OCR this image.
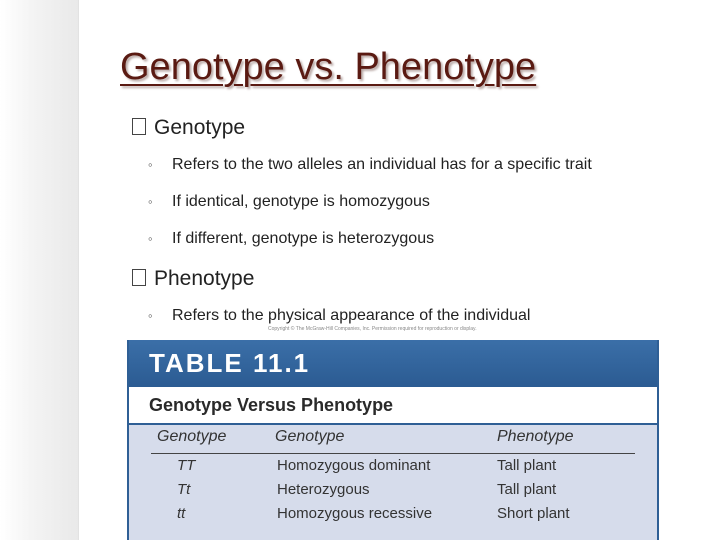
Genotype vs. Phenotype
Genotype
◦ Refers to the two alleles an individual has for a specific trait
◦ If identical, genotype is homozygous
◦ If different, genotype is heterozygous
Phenotype
◦ Refers to the physical appearance of the individual
Copyright © The McGraw-Hill Companies, Inc. Permission required for reproduction or display.
TABLE 11.1
Genotype Versus Phenotype
Genotype	Genotype	Phenotype
TT	Homozygous dominant	Tall plant
Tt	Heterozygous	Tall plant
tt	Homozygous recessive	Short plant
